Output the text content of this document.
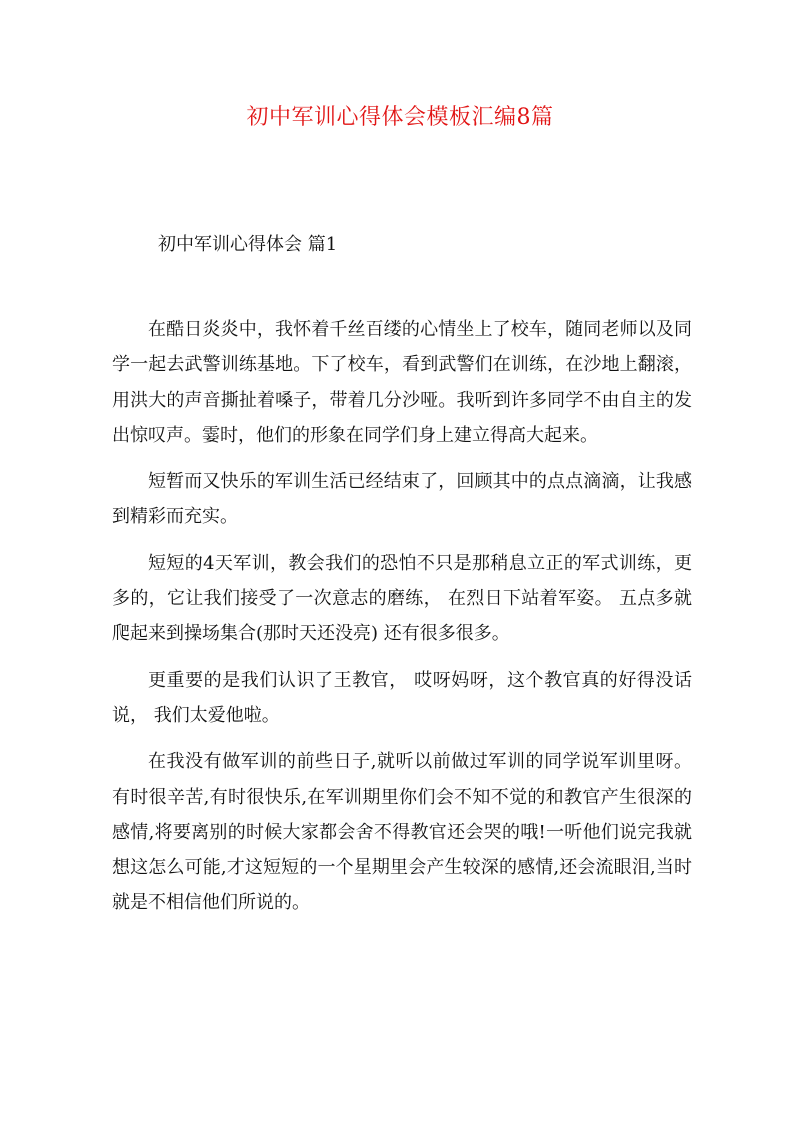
初中军训心得体会模板汇编8篇
初中军训心得体会 篇1

在酷日炎炎中，我怀着千丝百缕的心情坐上了校车，随同老师以及同学一起去武警训练基地。下了校车，看到武警们在训练，在沙地上翻滚，用洪大的声音撕扯着嗓子，带着几分沙哑。我听到许多同学不由自主的发出惊叹声。霎时，他们的形象在同学们身上建立得高大起来。

短暂而又快乐的军训生活已经结束了，回顾其中的点点滴滴，让我感到精彩而充实。

短短的4天军训，教会我们的恐怕不只是那稍息立正的军式训练，更多的，它让我们接受了一次意志的磨练， 在烈日下站着军姿。 五点多就爬起来到操场集合(那时天还没亮) 还有很多很多。

更重要的是我们认识了王教官， 哎呀妈呀，这个教官真的好得没话说， 我们太爱他啦。

在我没有做军训的前些日子,就听以前做过军训的同学说军训里呀。有时很辛苦,有时很快乐,在军训期里你们会不知不觉的和教官产生很深的感情,将要离别的时候大家都会舍不得教官还会哭的哦!一听他们说完我就想这怎么可能,才这短短的一个星期里会产生较深的感情,还会流眼泪,当时就是不相信他们所说的。
